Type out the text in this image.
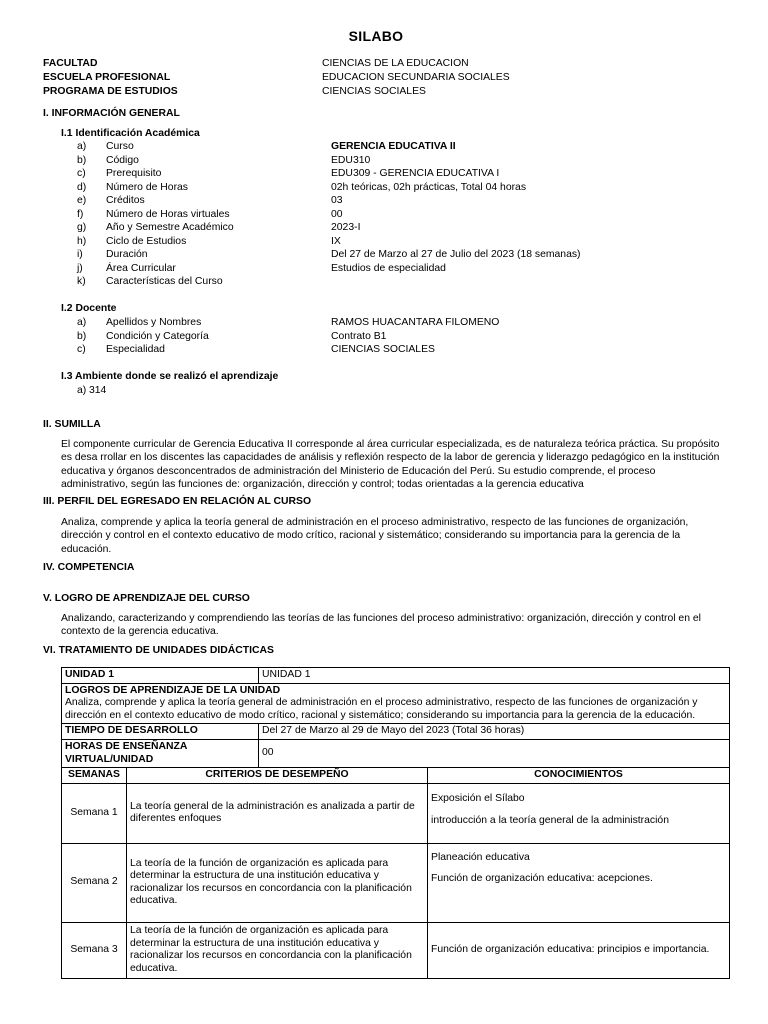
SILABO
FACULTAD	CIENCIAS DE LA EDUCACION
ESCUELA PROFESIONAL	EDUCACION SECUNDARIA SOCIALES
PROGRAMA DE ESTUDIOS	CIENCIAS SOCIALES
I. INFORMACIÓN GENERAL
I.1 Identificación Académica
a) Curso	GERENCIA EDUCATIVA II
b) Código	EDU310
c) Prerequisito	EDU309 - GERENCIA EDUCATIVA I
d) Número de Horas	02h teóricas, 02h prácticas, Total 04 horas
e) Créditos	03
f) Número de Horas virtuales	00
g) Año y Semestre Académico	2023-I
h) Ciclo de Estudios	IX
i) Duración	Del 27 de Marzo al 27 de Julio del 2023 (18 semanas)
j) Área Curricular	Estudios de especialidad
k) Características del Curso
I.2 Docente
a) Apellidos y Nombres	RAMOS HUACANTARA FILOMENO
b) Condición y Categoría	Contrato B1
c) Especialidad	CIENCIAS SOCIALES
I.3 Ambiente donde se realizó el aprendizaje
a) 314
II. SUMILLA
El componente curricular de Gerencia Educativa II corresponde al área curricular especializada, es de naturaleza teórica práctica. Su propósito es desa rrollar en los discentes las capacidades de análisis y reflexión respecto de la labor de gerencia y liderazgo pedagógico en la institución educativa y órganos desconcentrados de administración del Ministerio de Educación del Perú. Su estudio comprende, el proceso administrativo, según las funciones de: organización, dirección y control; todas orientadas a la gerencia educativa
III. PERFIL DEL EGRESADO EN RELACIÓN AL CURSO
Analiza, comprende y aplica la teoría general de administración en el proceso administrativo, respecto de las funciones de organización, dirección y control en el contexto educativo de modo crítico, racional y sistemático; considerando su importancia para la gerencia de la educación.
IV. COMPETENCIA
V. LOGRO DE APRENDIZAJE DEL CURSO
Analizando, caracterizando y comprendiendo las teorías de las funciones del proceso administrativo: organización, dirección y control en el contexto de la gerencia educativa.
VI. TRATAMIENTO DE UNIDADES DIDÁCTICAS
UNIDAD 1		UNIDAD 1	

LOGROS DE APRENDIZAJE DE LA UNIDAD
Analiza, comprende y aplica la teoría general de administración en el proceso administrativo, respecto de las funciones de organización y dirección en el contexto educativo de modo crítico, racional y sistemático; considerando su importancia para la gerencia de la educación.			

TIEMPO DE DESARROLLO		Del 27 de Marzo al 29 de Mayo del 2023 (Total 36 horas)	
HORAS DE ENSEÑANZA VIRTUAL/UNIDAD		00	
SEMANAS	CRITERIOS DE DESEMPEÑO		CONOCIMIENTOS
Semana 1	La teoría general de la administración es analizada a partir de diferentes enfoques		Exposición el Sílabo
introducción a la teoría general de la administración

Semana 2	La teoría de la función de organización es aplicada para determinar la estructura de una institución educativa y racionalizar los recursos en concordancia con la planificación educativa.		Planeación educativa
Función de organización educativa: acepciones.

Semana 3	La teoría de la función de organización es aplicada para determinar la estructura de una institución educativa y racionalizar los recursos en concordancia con la planificación educativa.		Función de organización educativa: principios e importancia.
